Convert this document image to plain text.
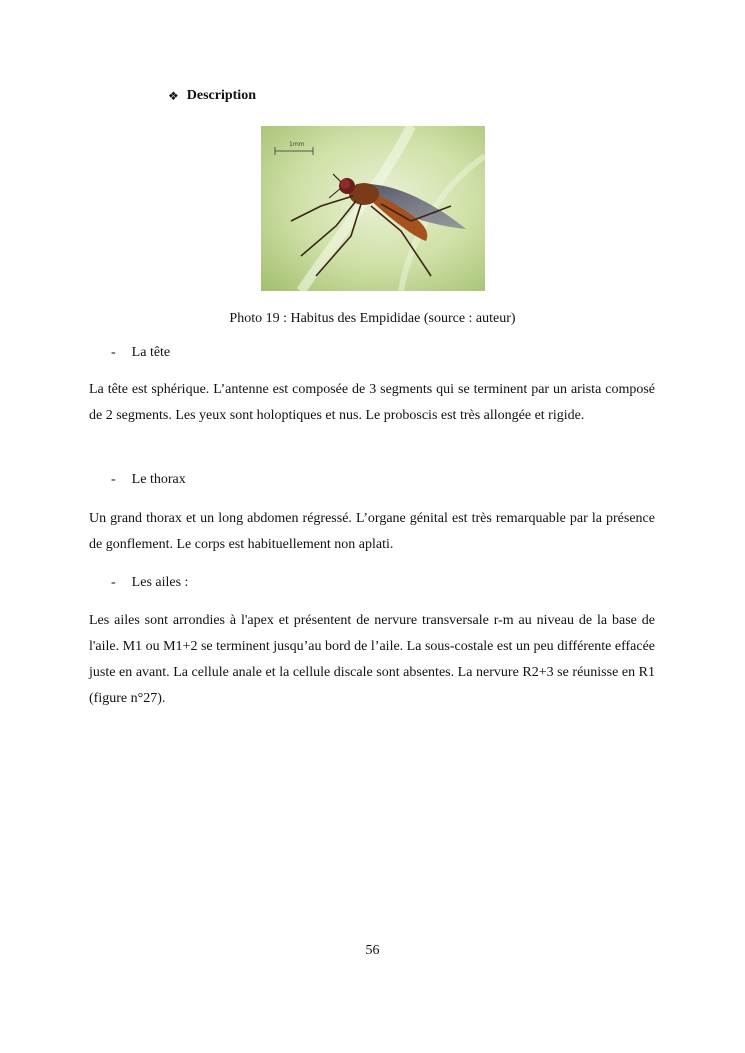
❖ Description
1mm
Photo 19 : Habitus des Empididae (source : auteur)
- La tête

La tête est sphérique. L’antenne est composée de 3 segments qui se terminent par un arista composé de 2 segments. Les yeux sont holoptiques et nus. Le proboscis est très allongée et rigide.

- Le thorax

Un grand thorax et un long abdomen régressé. L’organe génital est très remarquable par la présence de gonflement. Le corps est habituellement non aplati.

- Les ailes :

Les ailes sont arrondies à l'apex et présentent de nervure transversale r-m au niveau de la base de l'aile. M1 ou M1+2 se terminent jusqu’au bord de l’aile. La sous-costale est un peu différente effacée juste en avant. La cellule anale et la cellule discale sont absentes. La nervure R2+3 se réunisse en R1 (figure n°27).

56
